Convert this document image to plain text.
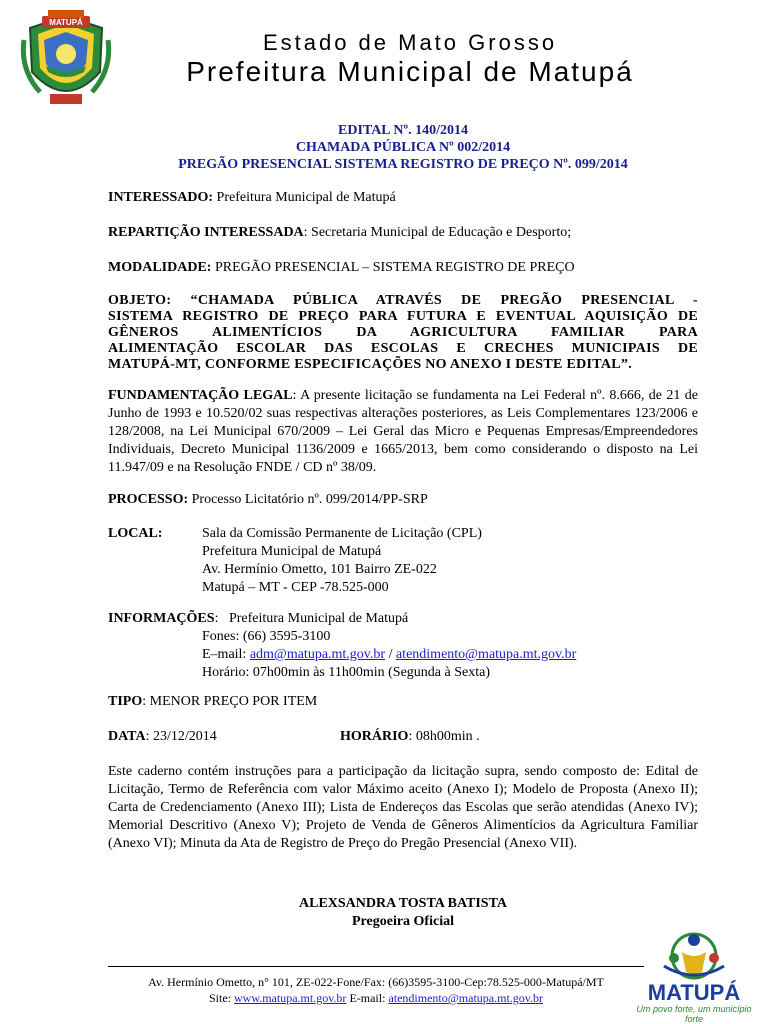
MATUPÁ
Estado de Mato Grosso
Prefeitura Municipal de Matupá
EDITAL Nº. 140/2014
CHAMADA PÚBLICA Nº 002/2014
PREGÃO PRESENCIAL SISTEMA REGISTRO DE PREÇO Nº. 099/2014
INTERESSADO: Prefeitura Municipal de Matupá
REPARTIÇÃO INTERESSADA: Secretaria Municipal de Educação e Desporto;
MODALIDADE: PREGÃO PRESENCIAL – SISTEMA REGISTRO DE PREÇO
OBJETO: “CHAMADA PÚBLICA ATRAVÉS DE PREGÃO PRESENCIAL -
SISTEMA REGISTRO DE PREÇO PARA FUTURA E EVENTUAL AQUISIÇÃO DE
GÊNEROS ALIMENTÍCIOS DA AGRICULTURA FAMILIAR PARA
ALIMENTAÇÃO ESCOLAR DAS ESCOLAS E CRECHES MUNICIPAIS DE
MATUPÁ-MT, CONFORME ESPECIFICAÇÕES NO ANEXO I DESTE EDITAL”.
FUNDAMENTAÇÃO LEGAL: A presente licitação se fundamenta na Lei Federal nº. 8.666, de 21 de Junho de 1993 e 10.520/02 suas respectivas alterações posteriores, as Leis Complementares 123/2006 e 128/2008, na Lei Municipal 670/2009 – Lei Geral das Micro e Pequenas Empresas/Empreendedores Individuais, Decreto Municipal 1136/2009 e 1665/2013, bem como considerando o disposto na Lei 11.947/09 e na Resolução FNDE / CD nº 38/09.
PROCESSO: Processo Licitatório nº. 099/2014/PP-SRP
LOCAL:	Sala da Comissão Permanente de Licitação (CPL)
Prefeitura Municipal de Matupá
Av. Hermínio Ometto, 101 Bairro ZE-022
Matupá – MT - CEP -78.525-000
INFORMAÇÕES:   Prefeitura Municipal de Matupá
Fones: (66) 3595-3100
E–mail: adm@matupa.mt.gov.br / atendimento@matupa.mt.gov.br
Horário: 07h00min às 11h00min (Segunda à Sexta)
TIPO: MENOR PREÇO POR ITEM
DATA: 23/12/2014	HORÁRIO: 08h00min .
Este caderno contém instruções para a participação da licitação supra, sendo composto de: Edital de Licitação, Termo de Referência com valor Máximo aceito (Anexo I); Modelo de Proposta (Anexo II); Carta de Credenciamento (Anexo III); Lista de Endereços das Escolas que serão atendidas (Anexo IV); Memorial Descritivo (Anexo V); Projeto de Venda de Gêneros Alimentícios da Agricultura Familiar (Anexo VI); Minuta da Ata de Registro de Preço do Pregão Presencial (Anexo VII).
ALEXSANDRA TOSTA BATISTA
Pregoeira Oficial
Av. Hermínio Ometto, n° 101, ZE-022-Fone/Fax: (66)3595-3100-Cep:78.525-000-Matupá/MT
Site: www.matupa.mt.gov.br E-mail: atendimento@matupa.mt.gov.br	MATUPÁ
Um povo forte, um município forte
